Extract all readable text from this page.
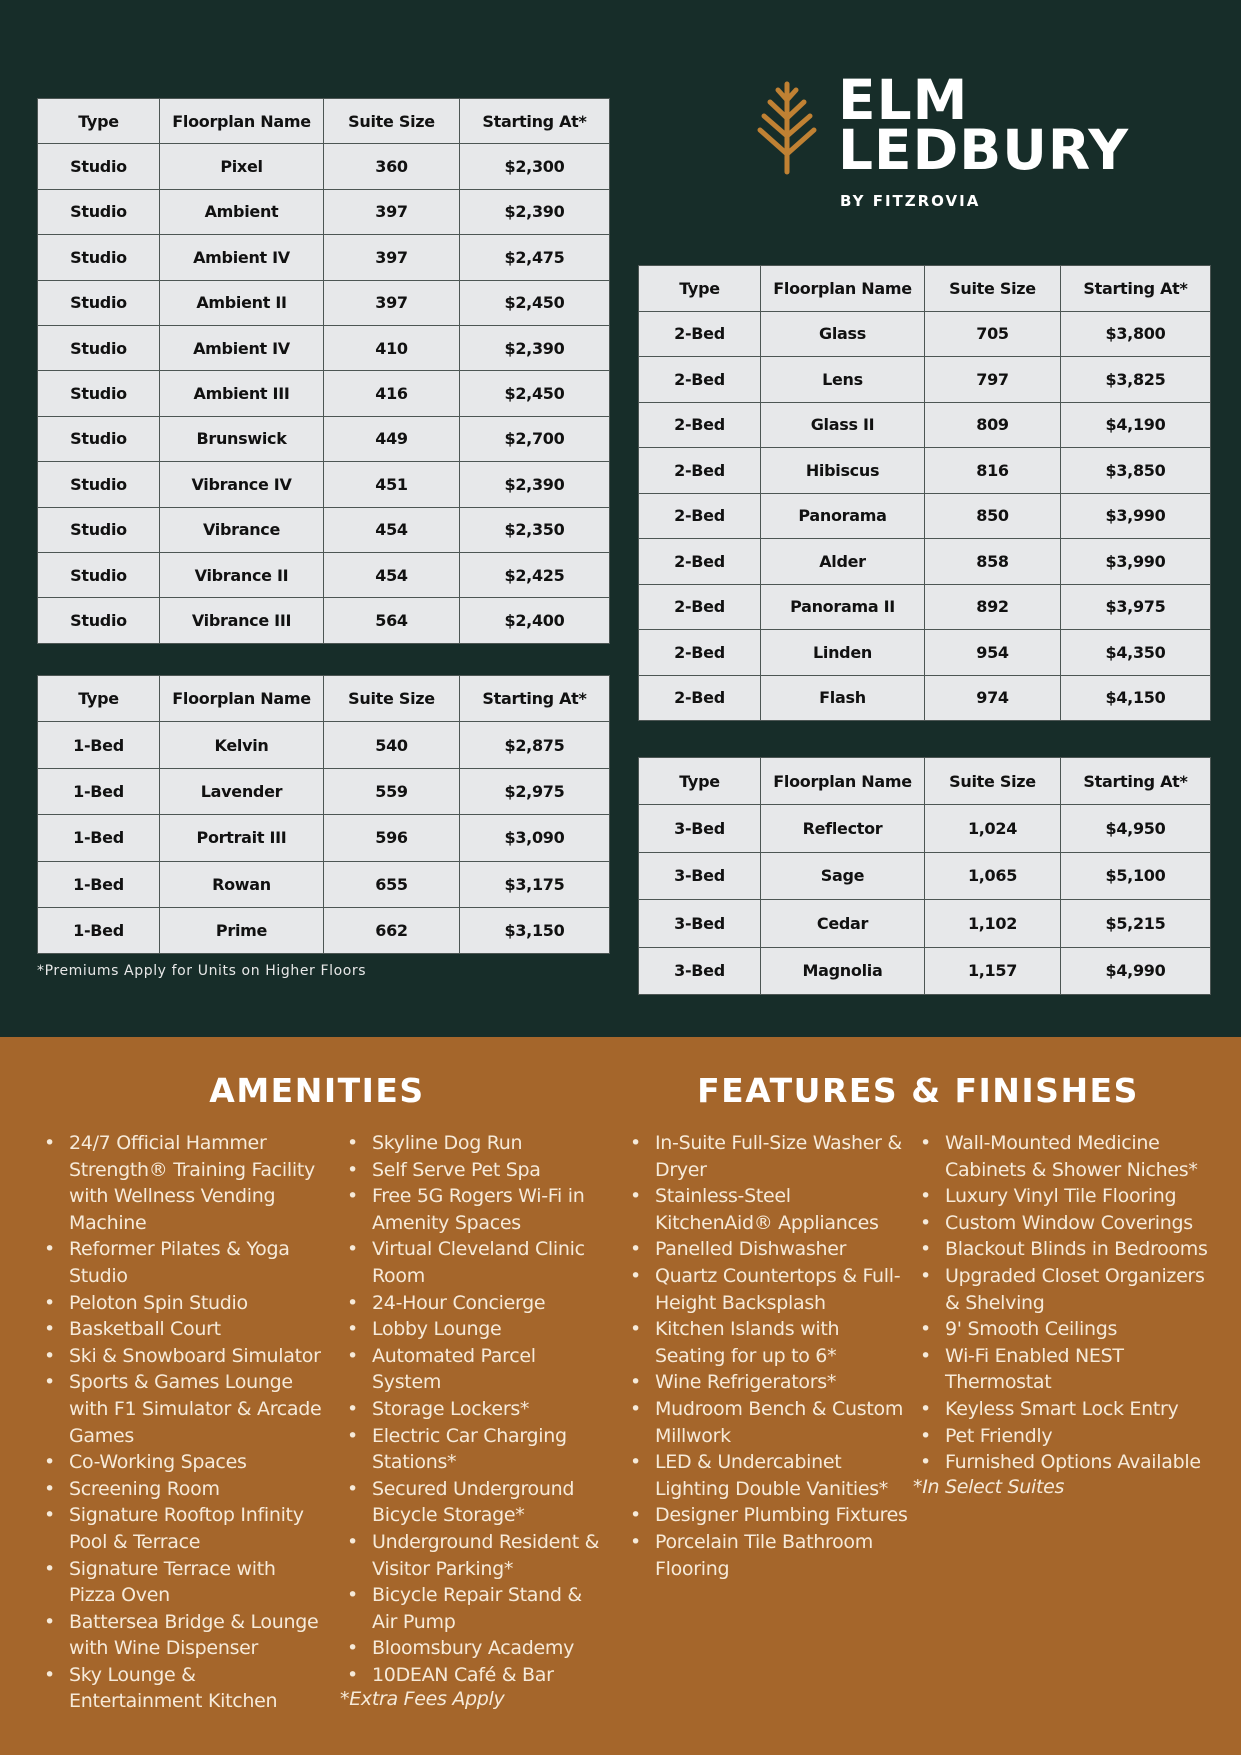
Type	Floorplan Name	Suite Size	Starting At*
Studio	Pixel	360	$2,300
Studio	Ambient	397	$2,390
Studio	Ambient IV	397	$2,475
Studio	Ambient II	397	$2,450
Studio	Ambient IV	410	$2,390
Studio	Ambient III	416	$2,450
Studio	Brunswick	449	$2,700
Studio	Vibrance IV	451	$2,390
Studio	Vibrance	454	$2,350
Studio	Vibrance II	454	$2,425
Studio	Vibrance III	564	$2,400
Type	Floorplan Name	Suite Size	Starting At*
1-Bed	Kelvin	540	$2,875
1-Bed	Lavender	559	$2,975
1-Bed	Portrait III	596	$3,090
1-Bed	Rowan	655	$3,175
1-Bed	Prime	662	$3,150
*Premiums Apply for Units on Higher Floors
ELM
LEDBURY
BY FITZROVIA
Type	Floorplan Name	Suite Size	Starting At*
2-Bed	Glass	705	$3,800
2-Bed	Lens	797	$3,825
2-Bed	Glass II	809	$4,190
2-Bed	Hibiscus	816	$3,850
2-Bed	Panorama	850	$3,990
2-Bed	Alder	858	$3,990
2-Bed	Panorama II	892	$3,975
2-Bed	Linden	954	$4,350
2-Bed	Flash	974	$4,150
Type	Floorplan Name	Suite Size	Starting At*
3-Bed	Reflector	1,024	$4,950
3-Bed	Sage	1,065	$5,100
3-Bed	Cedar	1,102	$5,215
3-Bed	Magnolia	1,157	$4,990
AMENITIES
• 24/7 Official Hammer Strength® Training Facility with Wellness Vending Machine
• Reformer Pilates & Yoga Studio
• Peloton Spin Studio
• Basketball Court
• Ski & Snowboard Simulator
• Sports & Games Lounge with F1 Simulator & Arcade Games
• Co-Working Spaces
• Screening Room
• Signature Rooftop Infinity Pool & Terrace
• Signature Terrace with Pizza Oven
• Battersea Bridge & Lounge with Wine Dispenser
• Sky Lounge & Entertainment Kitchen
• Skyline Dog Run
• Self Serve Pet Spa
• Free 5G Rogers Wi-Fi in Amenity Spaces
• Virtual Cleveland Clinic Room
• 24-Hour Concierge
• Lobby Lounge
• Automated Parcel System
• Storage Lockers*
• Electric Car Charging Stations*
• Secured Underground Bicycle Storage*
• Underground Resident & Visitor Parking*
• Bicycle Repair Stand & Air Pump
• Bloomsbury Academy
• 10DEAN Café & Bar
*Extra Fees Apply
FEATURES & FINISHES
• In-Suite Full-Size Washer & Dryer
• Stainless-Steel KitchenAid® Appliances
• Panelled Dishwasher
• Quartz Countertops & Full-Height Backsplash
• Kitchen Islands with Seating for up to 6*
• Wine Refrigerators*
• Mudroom Bench & Custom Millwork
• LED & Undercabinet Lighting Double Vanities*
• Designer Plumbing Fixtures
• Porcelain Tile Bathroom Flooring
• Wall-Mounted Medicine Cabinets & Shower Niches*
• Luxury Vinyl Tile Flooring
• Custom Window Coverings
• Blackout Blinds in Bedrooms
• Upgraded Closet Organizers & Shelving
• 9' Smooth Ceilings
• Wi-Fi Enabled NEST Thermostat
• Keyless Smart Lock Entry
• Pet Friendly
• Furnished Options Available
*In Select Suites
